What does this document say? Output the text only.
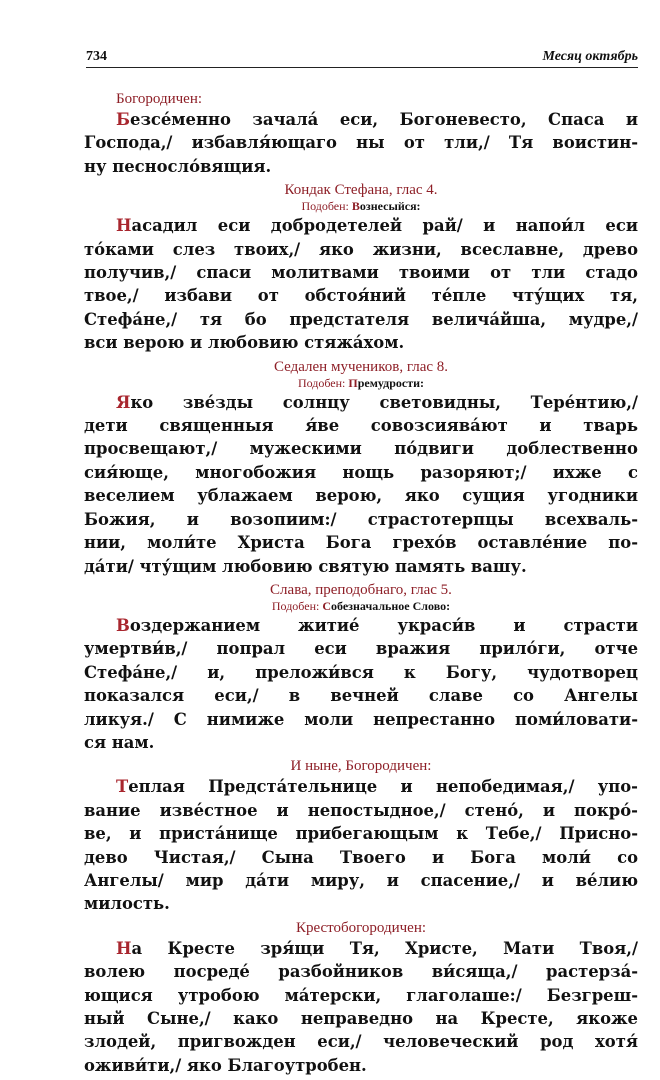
734	Месяц октябрь
Богородичен:
Безсе́менно зачала́ еси, Богоневесто, Спаса и
Господа,/ избавля́ющаго ны от тли,/ Тя воистин-
ну песносло́вящия.
Кондак Стефана, глас 4.
Подобен: Вознесыйся:
Насадил еси добродетелей рай/ и напои́л еси
то́ками слез твоих,/ яко жизни, всеславне, древо
получив,/ спаси молитвами твоими от тли стадо
твое,/ избави от обстоя́ний те́пле чту́щих тя,
Стефа́не,/ тя бо предстателя велича́йша, мудре,/
вси верою и любовию стяжа́хом.
Седален мучеников, глас 8.
Подобен: Премудрости:
Яко зве́зды солнцу световидны, Тере́нтию,/
дети священныя я́ве совозсиява́ют и тварь
просвещают,/ мужескими по́двиги доблественно
сия́юще, многобожия нощь разоряют;/ ихже с
веселием ублажаем верою, яко сущия угодники
Божия, и возопиим:/ страстотерпцы всехваль-
нии, моли́те Христа Бога грехо́в оставле́ние по-
да́ти/ чту́щим любовию святую память вашу.
Слава, преподобнаго, глас 5.
Подобен: Собезначальное Слово:
Воздержанием житие́ украси́в и страсти
умертви́в,/ попрал еси вражия прило́ги, отче
Стефа́не,/ и, преложи́вся к Богу, чудотворец
показался еси,/ в вечней славе со Ангелы
ликуя./ С нимиже моли непрестанно поми́ловати-
ся нам.
И ныне, Богородичен:
Теплая Предста́тельнице и непобедимая,/ упо-
вание изве́стное и непостыдное,/ стено́, и покро́-
ве, и приста́нище прибегающым к Тебе,/ Присно-
дево Чистая,/ Сына Твоего и Бога моли́ со
Ангелы/ мир да́ти миру, и спасение,/ и ве́лию
милость.
Крестобогородичен:
На Кресте зря́щи Тя, Христе, Мати Твоя,/
волею посреде́ разбойников ви́сяща,/ растерза́-
ющися утробою ма́терски, глаголаше:/ Безгреш-
ный Сыне,/ како неправедно на Кресте, якоже
злодей, пригвожден еси,/ человеческий род хотя́
оживи́ти,/ яко Благоутробен.
